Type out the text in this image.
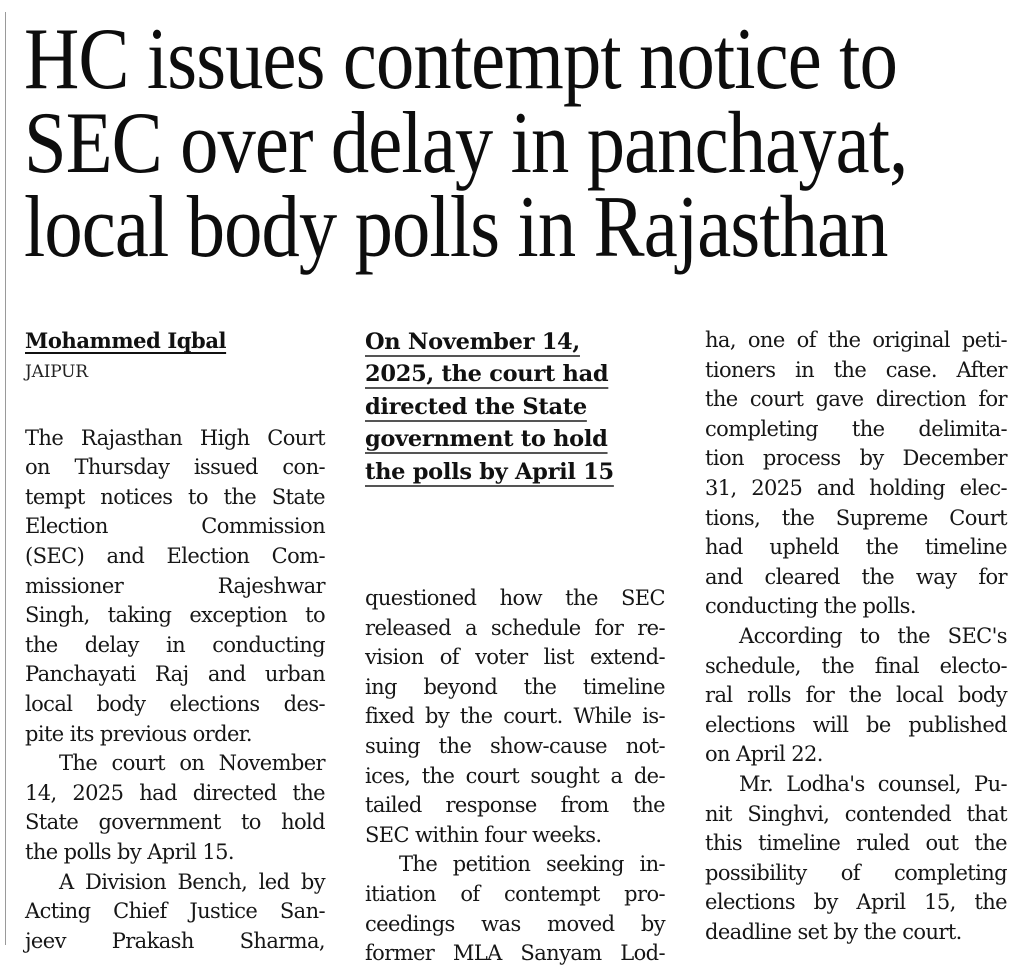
HC issues contempt notice to
SEC over delay in panchayat,
local body polls in Rajasthan
Mohammed Iqbal
JAIPUR
The Rajasthan High Court
on Thursday issued con-
tempt notices to the State
Election Commission
(SEC) and Election Com-
missioner Rajeshwar
Singh, taking exception to
the delay in conducting
Panchayati Raj and urban
local body elections des-
pite its previous order.
The court on November
14, 2025 had directed the
State government to hold
the polls by April 15.
A Division Bench, led by
Acting Chief Justice San-
jeev Prakash Sharma,
On November 14,
2025, the court had
directed the State
government to hold
the polls by April 15
questioned how the SEC
released a schedule for re-
vision of voter list extend-
ing beyond the timeline
fixed by the court. While is-
suing the show-cause not-
ices, the court sought a de-
tailed response from the
SEC within four weeks.
The petition seeking in-
itiation of contempt pro-
ceedings was moved by
former MLA Sanyam Lod-
ha, one of the original peti-
tioners in the case. After
the court gave direction for
completing the delimita-
tion process by December
31, 2025 and holding elec-
tions, the Supreme Court
had upheld the timeline
and cleared the way for
conducting the polls.
According to the SEC's
schedule, the final electo-
ral rolls for the local body
elections will be published
on April 22.
Mr. Lodha's counsel, Pu-
nit Singhvi, contended that
this timeline ruled out the
possibility of completing
elections by April 15, the
deadline set by the court.
